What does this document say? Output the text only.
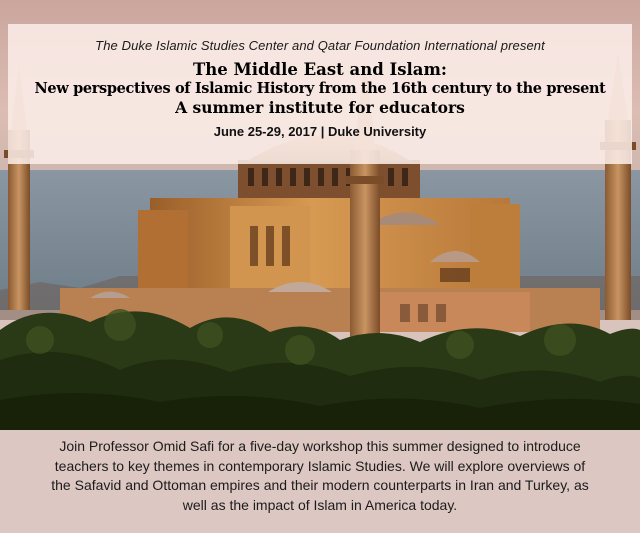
The Duke Islamic Studies Center and Qatar Foundation International present
The Middle East and Islam:
New perspectives of Islamic History from the 16th century to the present
A summer institute for educators
June 25-29, 2017 | Duke University
Join Professor Omid Safi for a five-day workshop this summer designed to introduce teachers to key themes in contemporary Islamic Studies. We will explore overviews of the Safavid and Ottoman empires and their modern counterparts in Iran and Turkey, as well as the impact of Islam in America today.
